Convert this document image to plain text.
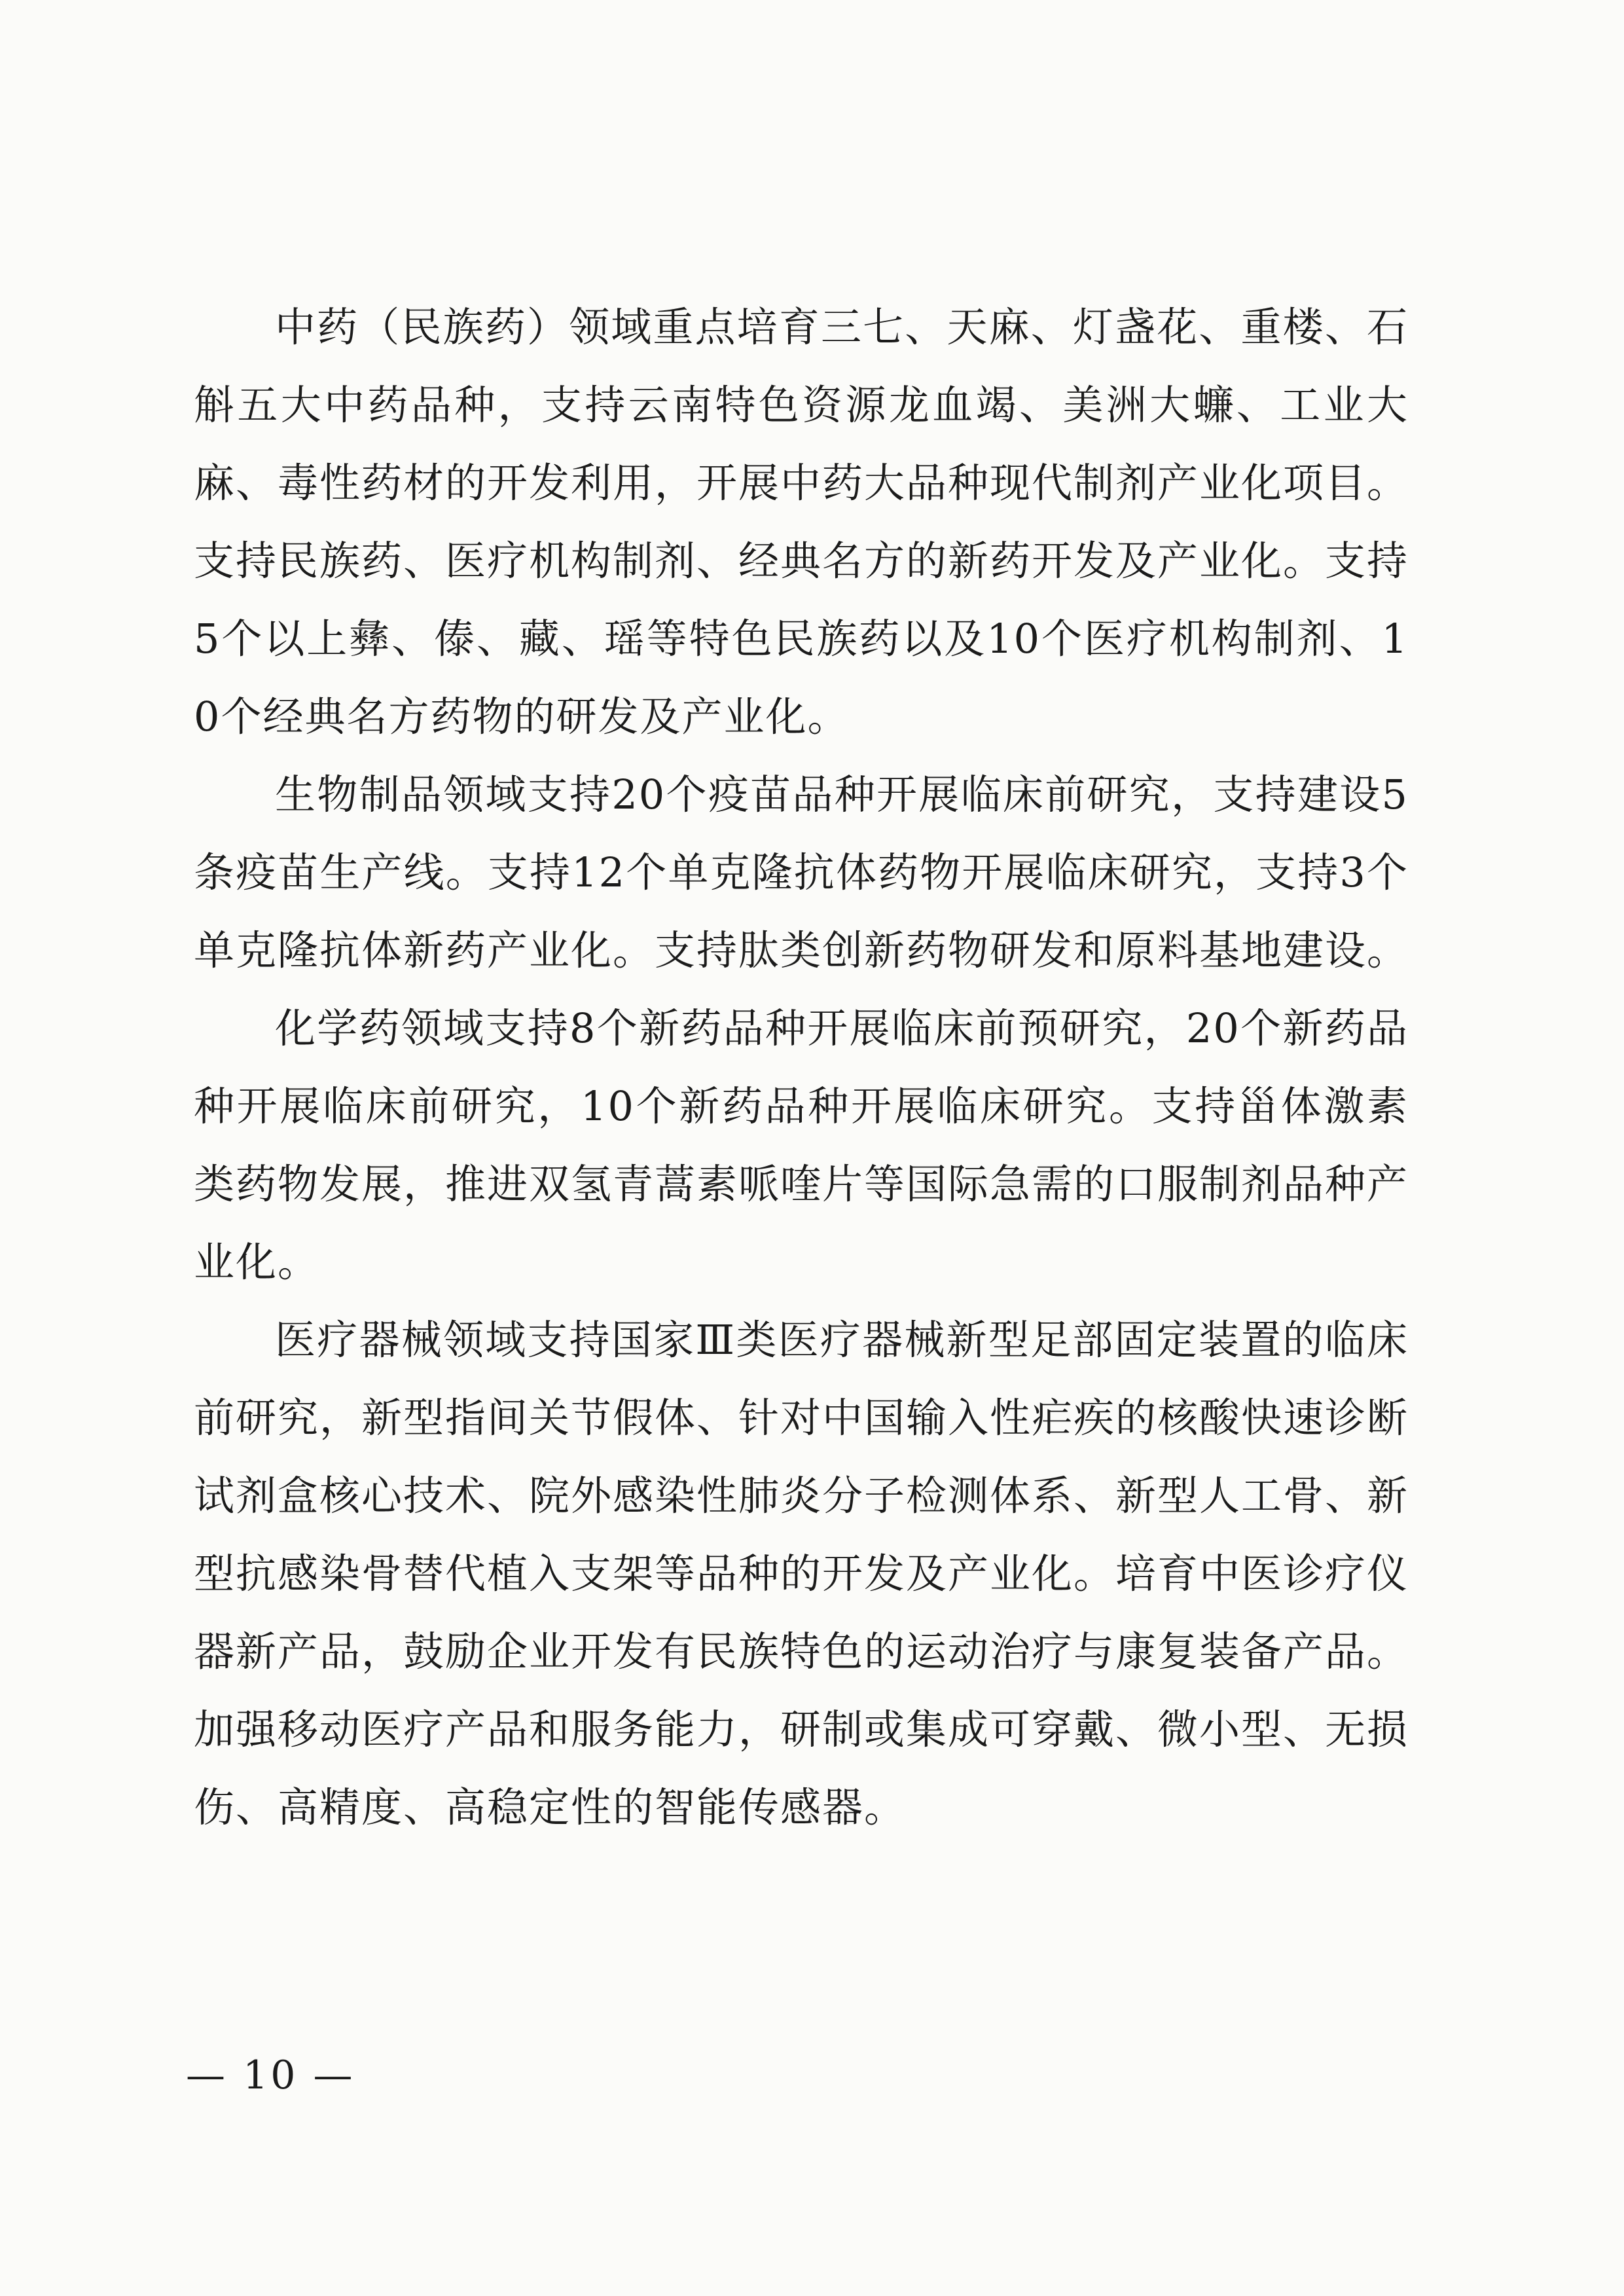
中药（民族药）领域重点培育三七、天麻、灯盏花、重楼、石斛五大中药品种，支持云南特色资源龙血竭、美洲大蠊、工业大麻、毒性药材的开发利用，开展中药大品种现代制剂产业化项目。支持民族药、医疗机构制剂、经典名方的新药开发及产业化。支持5个以上彝、傣、藏、瑶等特色民族药以及10个医疗机构制剂、10个经典名方药物的研发及产业化。

生物制品领域支持20个疫苗品种开展临床前研究，支持建设5条疫苗生产线。支持12个单克隆抗体药物开展临床研究，支持3个单克隆抗体新药产业化。支持肽类创新药物研发和原料基地建设。

化学药领域支持8个新药品种开展临床前预研究，20个新药品种开展临床前研究，10个新药品种开展临床研究。支持甾体激素类药物发展，推进双氢青蒿素哌喹片等国际急需的口服制剂品种产业化。

医疗器械领域支持国家Ⅲ类医疗器械新型足部固定装置的临床前研究，新型指间关节假体、针对中国输入性疟疾的核酸快速诊断试剂盒核心技术、院外感染性肺炎分子检测体系、新型人工骨、新型抗感染骨替代植入支架等品种的开发及产业化。培育中医诊疗仪器新产品，鼓励企业开发有民族特色的运动治疗与康复装备产品。加强移动医疗产品和服务能力，研制或集成可穿戴、微小型、无损伤、高精度、高稳定性的智能传感器。

— 10 —
